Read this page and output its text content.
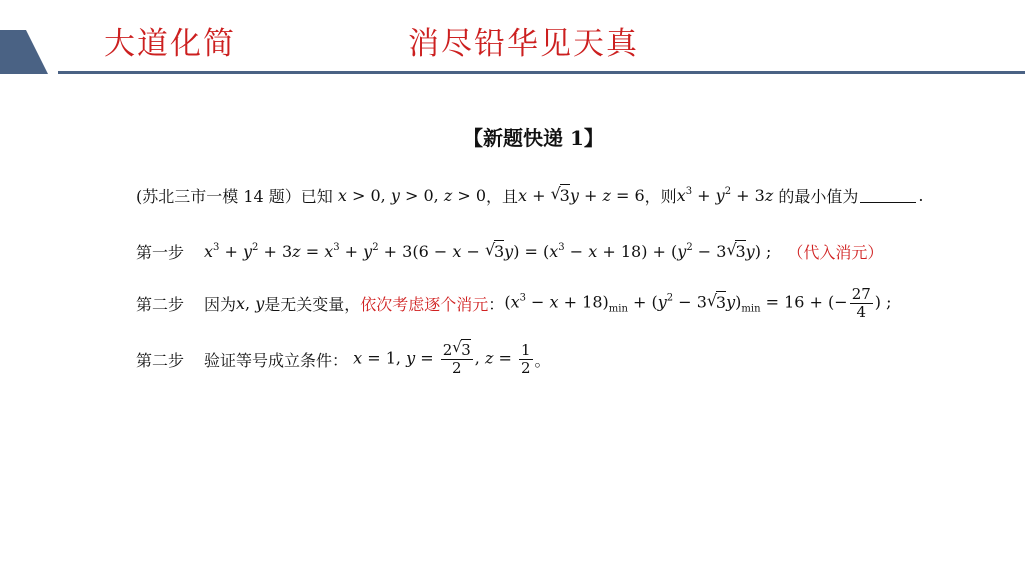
大道化简	消尽铅华见天真
【新题快递 1】
(苏北三市一模 14 题）已知 x > 0, y > 0, z > 0 ，且 x + √ 3y + z = 6 ，则 $x^3 + y^2 + 3z$ 的最小值为	.
第一步	$x^3 + y^2 + 3z = x^3 + y^2 + 3(6 - x$ − √ $3y) = (x^3 - x + 18) + (y^2 - 3√$ 3y) ; （代入消元）
第二步	因为 x, y 是无关变量， 依次考虑逐个消元 ： $(x^3 - x + 18)_{min} + (y^2 - 3√$ $3y)_{min} = 16$ + (− $\frac{27}{4}$ ) ;
第二步	验证等号成立条件： x = 1, $y = \frac{2√ 3}{2}$ , $z = \frac{1}{2}$ 。
